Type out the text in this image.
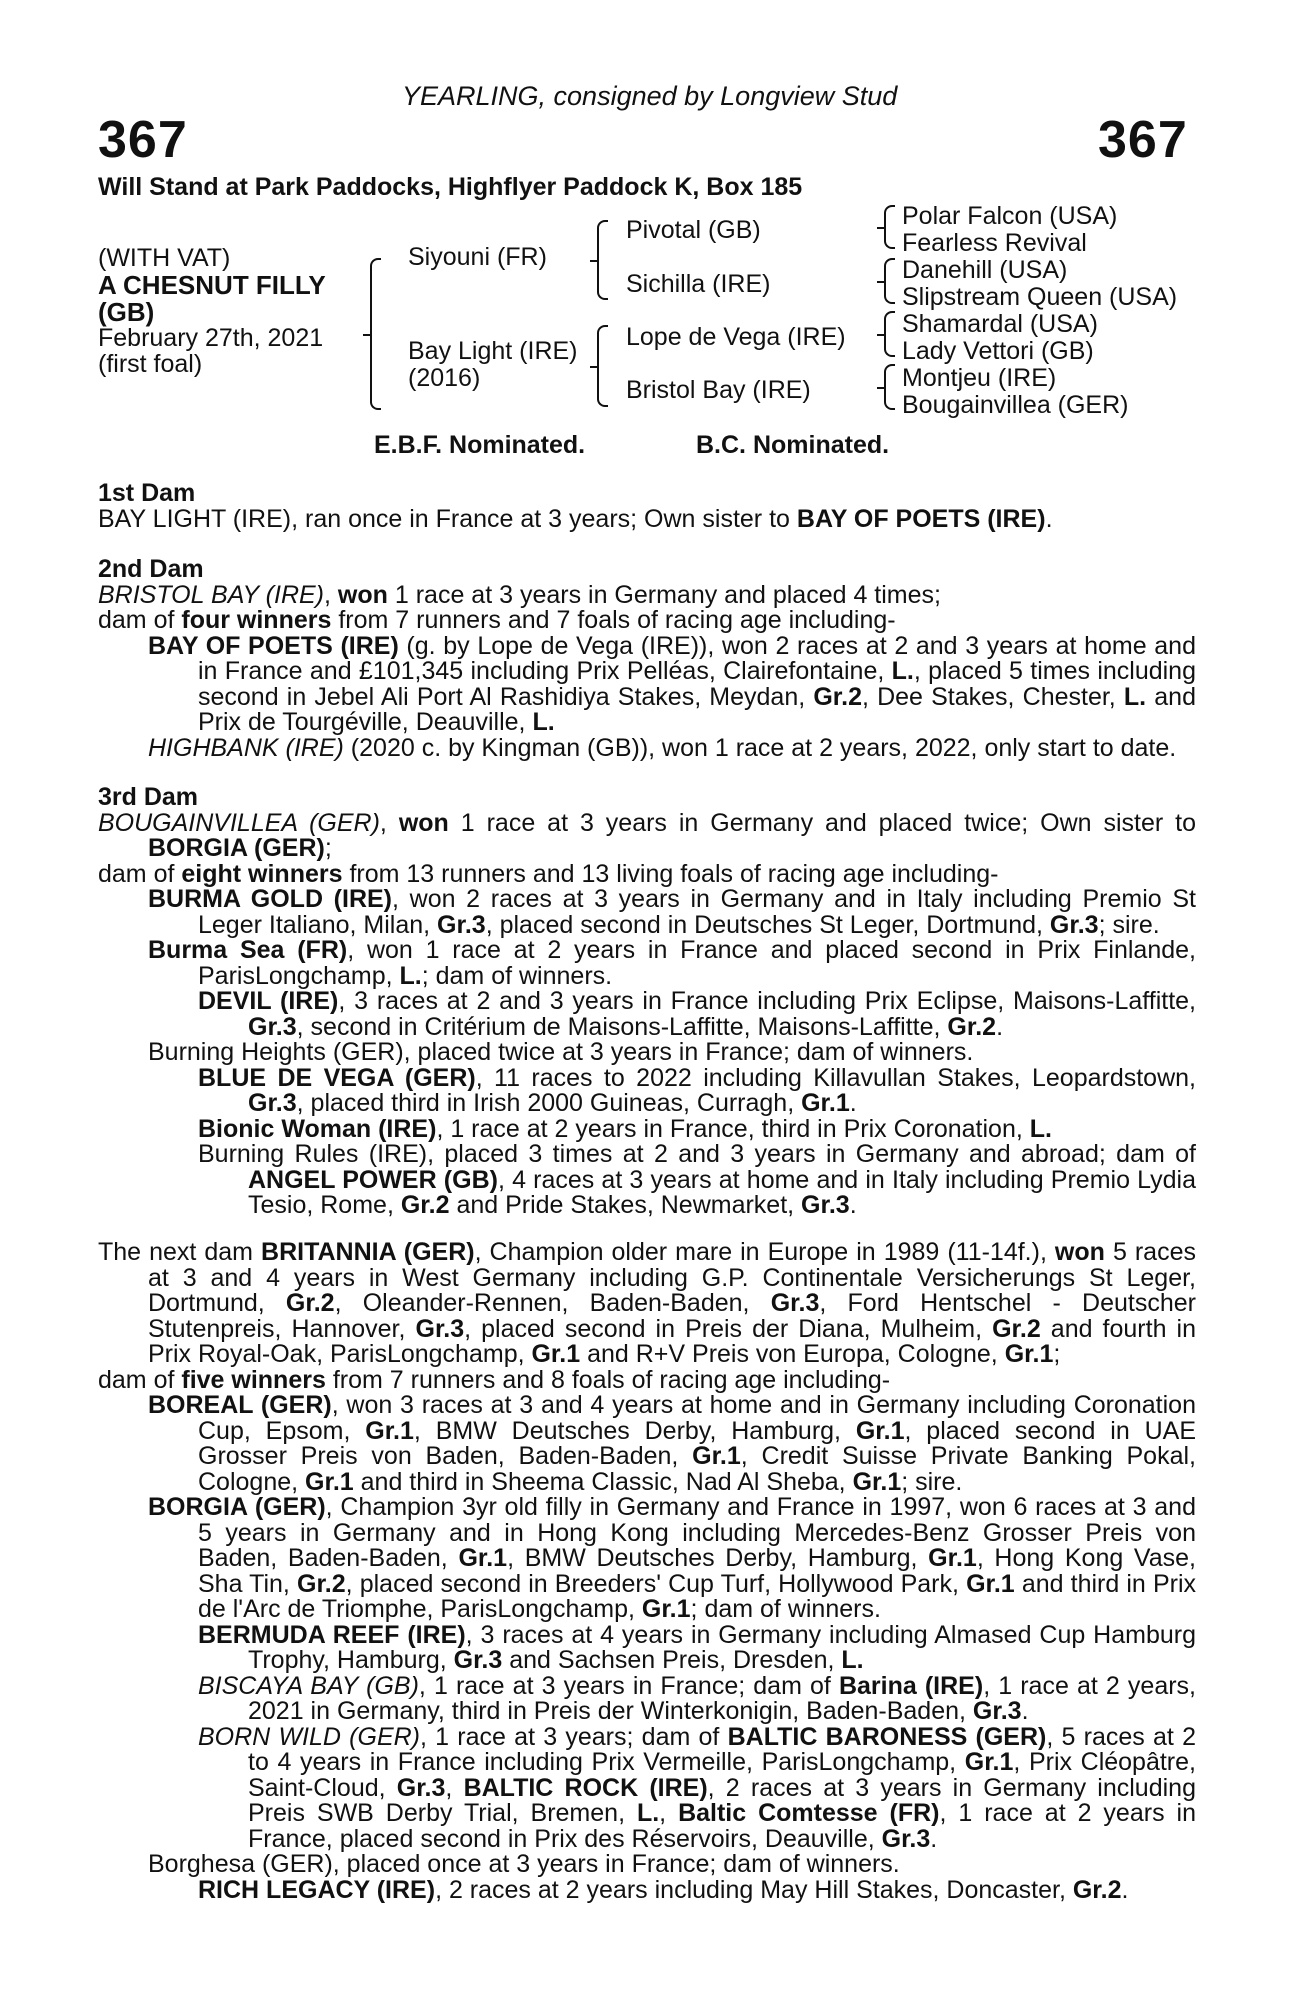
YEARLING, consigned by Longview Stud
367	367
Will Stand at Park Paddocks, Highflyer Paddock K, Box 185
(WITH VAT)
A CHESNUT FILLY
(GB)
February 27th, 2021
(first foal)
Siyouni (FR)
Bay Light (IRE)
(2016)
Pivotal (GB)
Sichilla (IRE)
Lope de Vega (IRE)
Bristol Bay (IRE)
Polar Falcon (USA)
Fearless Revival
Danehill (USA)
Slipstream Queen (USA)
Shamardal (USA)
Lady Vettori (GB)
Montjeu (IRE)
Bougainvillea (GER)
E.B.F. Nominated.	B.C. Nominated.

1st Dam

BAY LIGHT (IRE), ran once in France at 3 years; Own sister to BAY OF POETS (IRE).

2nd Dam

BRISTOL BAY (IRE), won 1 race at 3 years in Germany and placed 4 times;

dam of four winners from 7 runners and 7 foals of racing age including-

BAY OF POETS (IRE) (g. by Lope de Vega (IRE)), won 2 races at 2 and 3 years at home and in France and £101,345 including Prix Pelléas, Clairefontaine, L., placed 5 times including second in Jebel Ali Port Al Rashidiya Stakes, Meydan, Gr.2, Dee Stakes, Chester, L. and Prix de Tourgéville, Deauville, L.

HIGHBANK (IRE) (2020 c. by Kingman (GB)), won 1 race at 2 years, 2022, only start to date.

3rd Dam

BOUGAINVILLEA (GER), won 1 race at 3 years in Germany and placed twice; Own sister to BORGIA (GER);

dam of eight winners from 13 runners and 13 living foals of racing age including-

BURMA GOLD (IRE), won 2 races at 3 years in Germany and in Italy including Premio St Leger Italiano, Milan, Gr.3, placed second in Deutsches St Leger, Dortmund, Gr.3; sire.

Burma Sea (FR), won 1 race at 2 years in France and placed second in Prix Finlande, ParisLongchamp, L.; dam of winners.

DEVIL (IRE), 3 races at 2 and 3 years in France including Prix Eclipse, Maisons-Laffitte, Gr.3, second in Critérium de Maisons-Laffitte, Maisons-Laffitte, Gr.2.

Burning Heights (GER), placed twice at 3 years in France; dam of winners.

BLUE DE VEGA (GER), 11 races to 2022 including Killavullan Stakes, Leopardstown, Gr.3, placed third in Irish 2000 Guineas, Curragh, Gr.1.

Bionic Woman (IRE), 1 race at 2 years in France, third in Prix Coronation, L.

Burning Rules (IRE), placed 3 times at 2 and 3 years in Germany and abroad; dam of ANGEL POWER (GB), 4 races at 3 years at home and in Italy including Premio Lydia Tesio, Rome, Gr.2 and Pride Stakes, Newmarket, Gr.3.

The next dam BRITANNIA (GER), Champion older mare in Europe in 1989 (11-14f.), won 5 races at 3 and 4 years in West Germany including G.P. Continentale Versicherungs St Leger, Dortmund, Gr.2, Oleander-Rennen, Baden-Baden, Gr.3, Ford Hentschel - Deutscher Stutenpreis, Hannover, Gr.3, placed second in Preis der Diana, Mulheim, Gr.2 and fourth in Prix Royal-Oak, ParisLongchamp, Gr.1 and R+V Preis von Europa, Cologne, Gr.1;

dam of five winners from 7 runners and 8 foals of racing age including-

BOREAL (GER), won 3 races at 3 and 4 years at home and in Germany including Coronation Cup, Epsom, Gr.1, BMW Deutsches Derby, Hamburg, Gr.1, placed second in UAE Grosser Preis von Baden, Baden-Baden, Gr.1, Credit Suisse Private Banking Pokal, Cologne, Gr.1 and third in Sheema Classic, Nad Al Sheba, Gr.1; sire.

BORGIA (GER), Champion 3yr old filly in Germany and France in 1997, won 6 races at 3 and 5 years in Germany and in Hong Kong including Mercedes-Benz Grosser Preis von Baden, Baden-Baden, Gr.1, BMW Deutsches Derby, Hamburg, Gr.1, Hong Kong Vase, Sha Tin, Gr.2, placed second in Breeders' Cup Turf, Hollywood Park, Gr.1 and third in Prix de l'Arc de Triomphe, ParisLongchamp, Gr.1; dam of winners.

BERMUDA REEF (IRE), 3 races at 4 years in Germany including Almased Cup Hamburg Trophy, Hamburg, Gr.3 and Sachsen Preis, Dresden, L.

BISCAYA BAY (GB), 1 race at 3 years in France; dam of Barina (IRE), 1 race at 2 years, 2021 in Germany, third in Preis der Winterkonigin, Baden-Baden, Gr.3.

BORN WILD (GER), 1 race at 3 years; dam of BALTIC BARONESS (GER), 5 races at 2 to 4 years in France including Prix Vermeille, ParisLongchamp, Gr.1, Prix Cléopâtre, Saint-Cloud, Gr.3, BALTIC ROCK (IRE), 2 races at 3 years in Germany including Preis SWB Derby Trial, Bremen, L., Baltic Comtesse (FR), 1 race at 2 years in France, placed second in Prix des Réservoirs, Deauville, Gr.3.

Borghesa (GER), placed once at 3 years in France; dam of winners.

RICH LEGACY (IRE), 2 races at 2 years including May Hill Stakes, Doncaster, Gr.2.
